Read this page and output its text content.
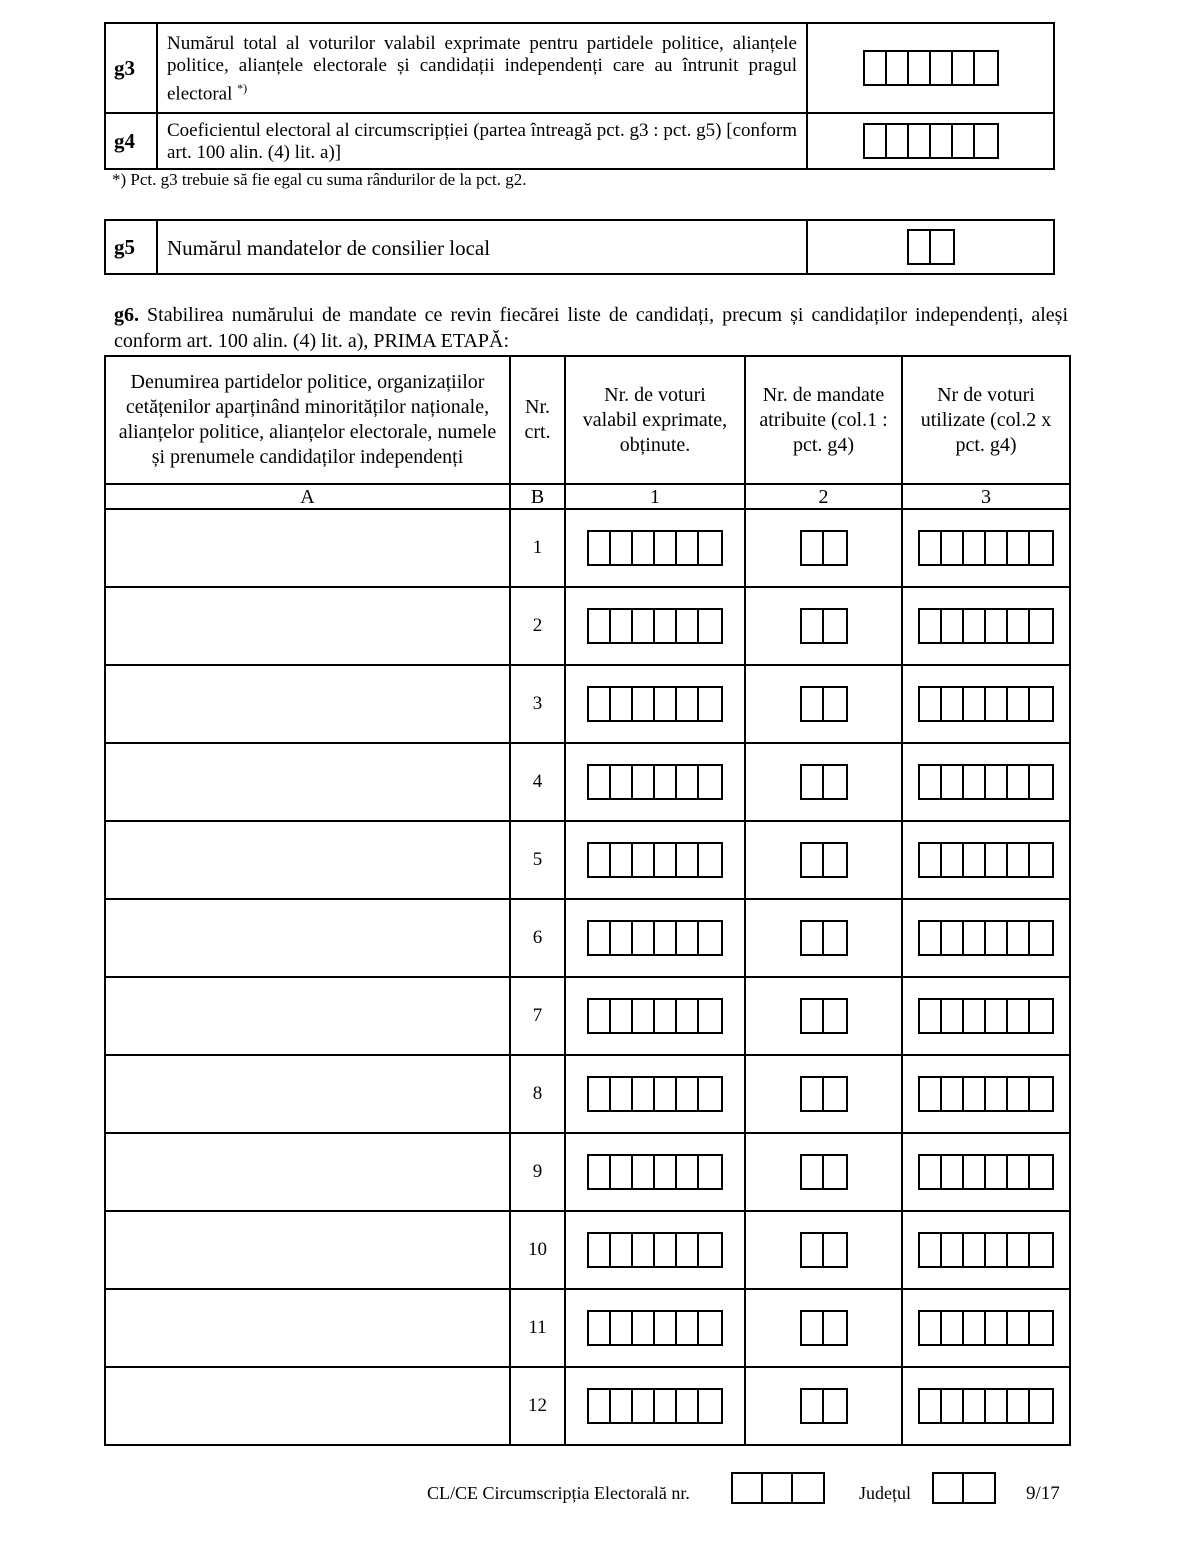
g3	Numărul total al voturilor valabil exprimate pentru partidele politice, alianțele politice, alianțele electorale și candidații independenți care au întrunit pragul electoral *)	

g4	Coeficientul electoral al circumscripției (partea întreagă pct. g3 : pct. g5) [conform art. 100 alin. (4) lit. a)]	
*) Pct. g3 trebuie să fie egal cu suma rândurilor de la pct. g2.
g5	Numărul mandatelor de consilier local	
g6. Stabilirea numărului de mandate ce revin fiecărei liste de candidați, precum și candidaților independenți, aleși conform art. 100 alin. (4) lit. a), PRIMA ETAPĂ:
Denumirea partidelor politice, organizațiilor cetățenilor aparținând minorităților naționale, alianțelor politice, alianțelor electorale, numele și prenumele candidaților independenți	Nr. crt.	Nr. de voturi valabil exprimate, obținute.	Nr. de mandate atribuite (col.1 : pct. g4)	Nr de voturi utilizate (col.2 x pct. g4)
A	B	1	2	3
	1	

	2	

	3	

	4	

	5	

	6	

	7	

	8	

	9	

	10	

	11	

	12	

CL/CE Circumscripția Electorală nr.	Județul	9/17
